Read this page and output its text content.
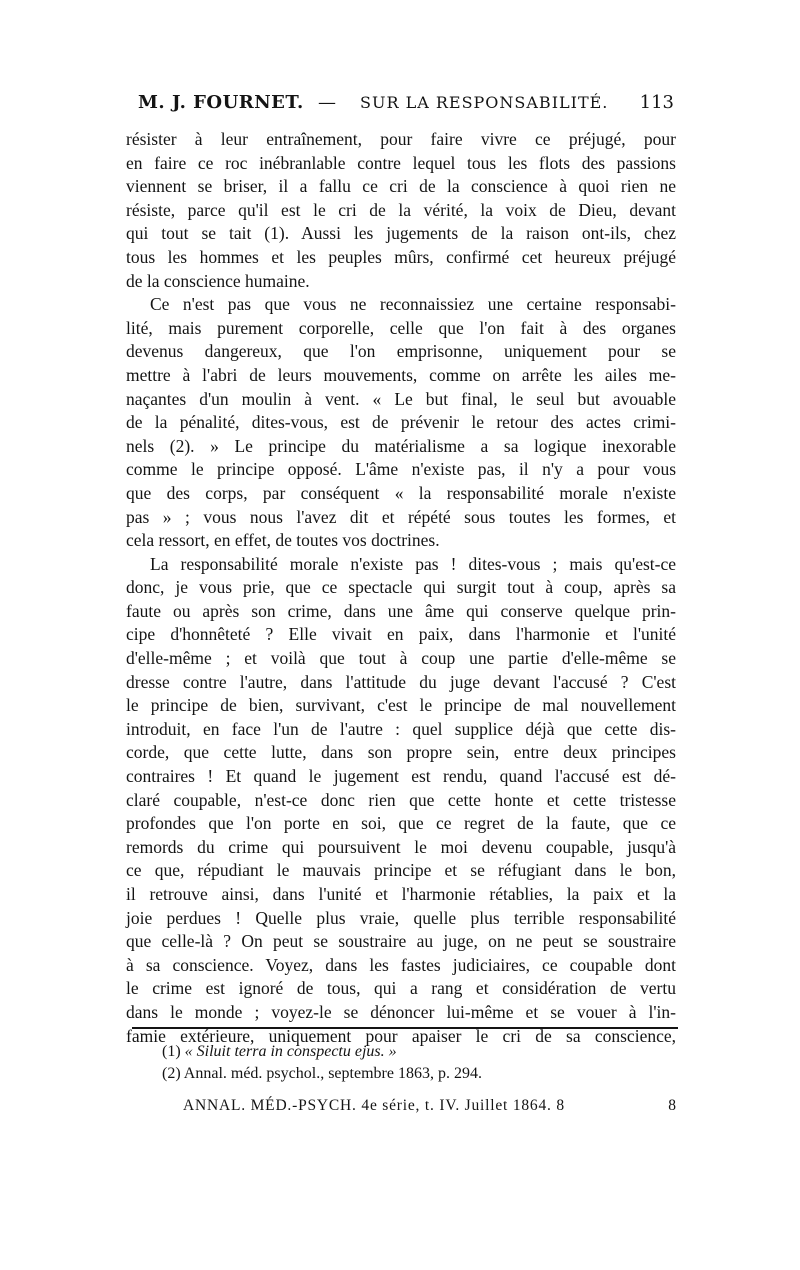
M. J. FOURNET. — SUR LA RESPONSABILITÉ. 113
résister à leur entraînement, pour faire vivre ce préjugé, pour
en faire ce roc inébranlable contre lequel tous les flots des passions
viennent se briser, il a fallu ce cri de la conscience à quoi rien ne
résiste, parce qu'il est le cri de la vérité, la voix de Dieu, devant
qui tout se tait (1). Aussi les jugements de la raison ont-ils, chez
tous les hommes et les peuples mûrs, confirmé cet heureux préjugé
de la conscience humaine.
Ce n'est pas que vous ne reconnaissiez une certaine responsabi-
lité, mais purement corporelle, celle que l'on fait à des organes
devenus dangereux, que l'on emprisonne, uniquement pour se
mettre à l'abri de leurs mouvements, comme on arrête les ailes me-
naçantes d'un moulin à vent. « Le but final, le seul but avouable
de la pénalité, dites-vous, est de prévenir le retour des actes crimi-
nels (2). » Le principe du matérialisme a sa logique inexorable
comme le principe opposé. L'âme n'existe pas, il n'y a pour vous
que des corps, par conséquent « la responsabilité morale n'existe
pas » ; vous nous l'avez dit et répété sous toutes les formes, et
cela ressort, en effet, de toutes vos doctrines.
La responsabilité morale n'existe pas ! dites-vous ; mais qu'est-ce
donc, je vous prie, que ce spectacle qui surgit tout à coup, après sa
faute ou après son crime, dans une âme qui conserve quelque prin-
cipe d'honnêteté ? Elle vivait en paix, dans l'harmonie et l'unité
d'elle-même ; et voilà que tout à coup une partie d'elle-même se
dresse contre l'autre, dans l'attitude du juge devant l'accusé ? C'est
le principe de bien, survivant, c'est le principe de mal nouvellement
introduit, en face l'un de l'autre : quel supplice déjà que cette dis-
corde, que cette lutte, dans son propre sein, entre deux principes
contraires ! Et quand le jugement est rendu, quand l'accusé est dé-
claré coupable, n'est-ce donc rien que cette honte et cette tristesse
profondes que l'on porte en soi, que ce regret de la faute, que ce
remords du crime qui poursuivent le moi devenu coupable, jusqu'à
ce que, répudiant le mauvais principe et se réfugiant dans le bon,
il retrouve ainsi, dans l'unité et l'harmonie rétablies, la paix et la
joie perdues ! Quelle plus vraie, quelle plus terrible responsabilité
que celle-là ? On peut se soustraire au juge, on ne peut se soustraire
à sa conscience. Voyez, dans les fastes judiciaires, ce coupable dont
le crime est ignoré de tous, qui a rang et considération de vertu
dans le monde ; voyez-le se dénoncer lui-même et se vouer à l'in-
famie extérieure, uniquement pour apaiser le cri de sa conscience,
(1) « Siluit terra in conspectu ejus. »
(2) Annal. méd. psychol., septembre 1863, p. 294.
ANNAL. MÉD.-PSYCH. 4e série, t. IV. Juillet 1864. 8	8
